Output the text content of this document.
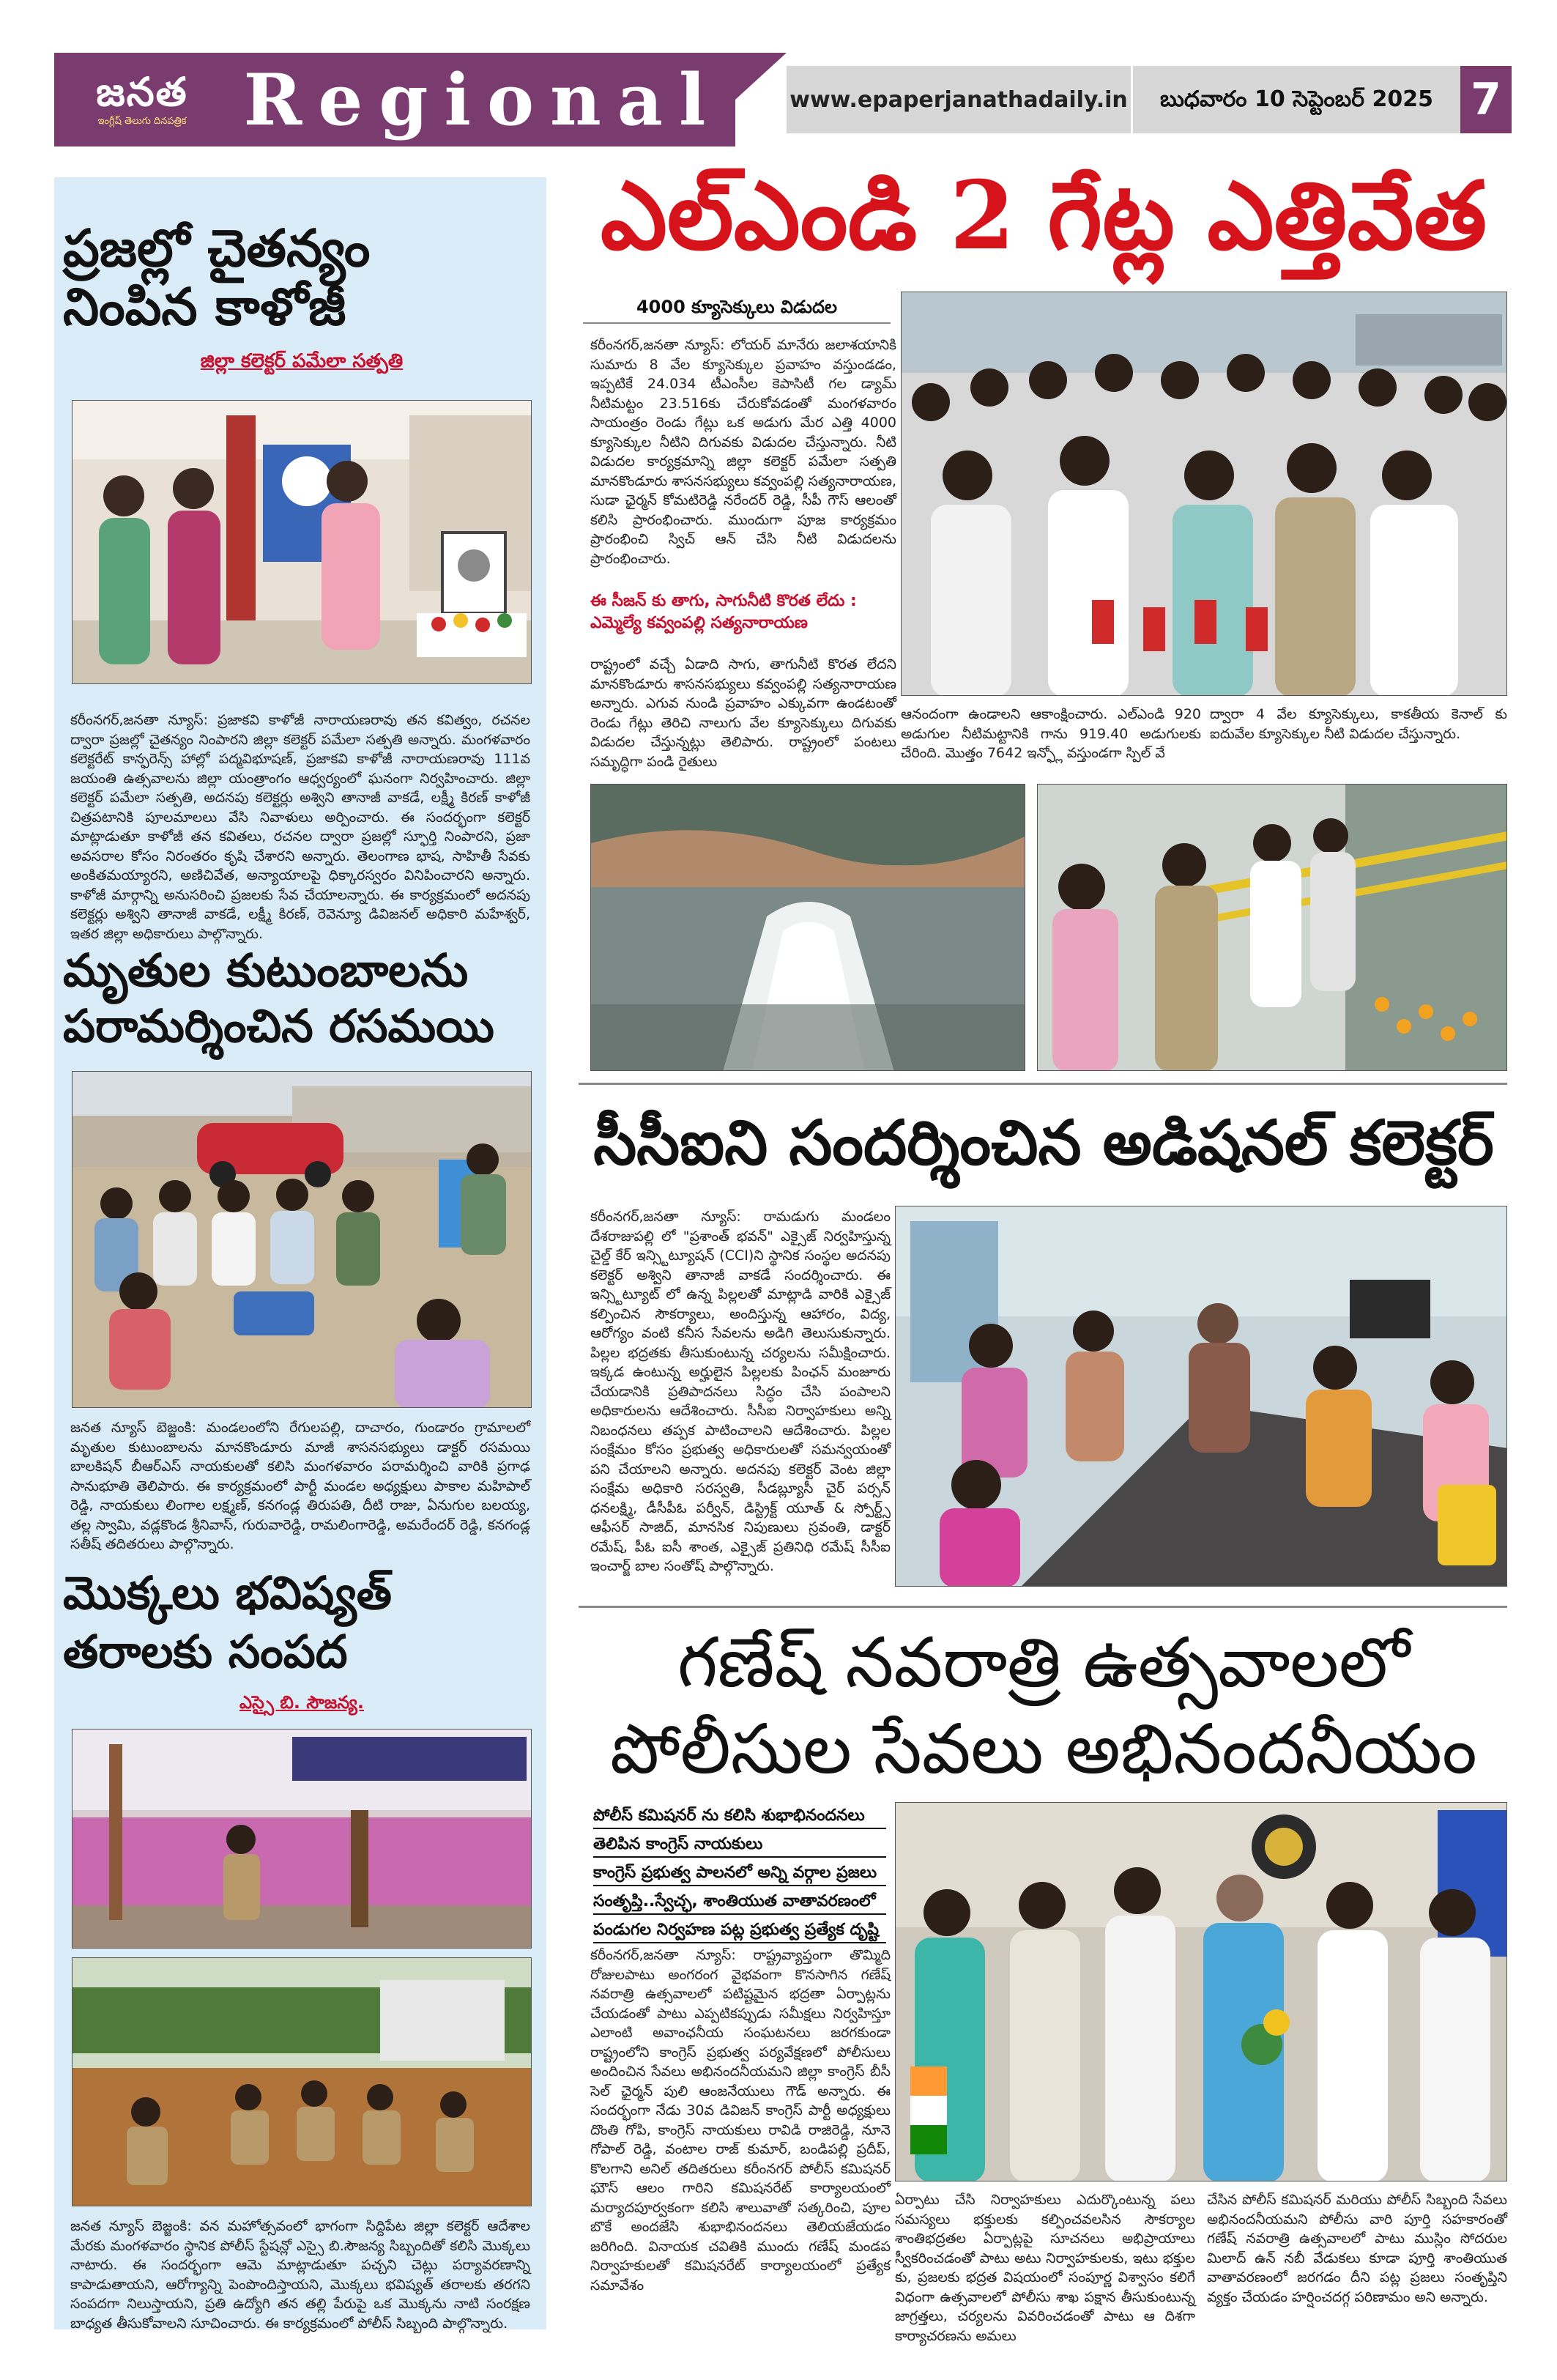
జనత
ఇంగ్లీష్ తెలుగు దినపత్రిక Regional	www.epaperjanathadaily.in	బుధవారం 10 సెప్టెంబర్ 2025 7
ప్రజల్లో చైతన్యం
నింపిన కాళోజీ
జిల్లా కలెక్టర్ పమేలా సత్పతి
కరీంనగర్,జనతా న్యూస్: ప్రజాకవి కాళోజీ నారాయణరావు తన కవిత్వం, రచనల ద్వారా ప్రజల్లో చైతన్యం నింపారని జిల్లా కలెక్టర్ పమేలా సత్పతి అన్నారు. మంగళవారం కలెక్టరేట్ కాన్ఫరెన్స్ హాల్లో పద్మవిభూషణ్, ప్రజాకవి కాళోజీ నారాయణరావు 111వ జయంతి ఉత్సవాలను జిల్లా యంత్రాంగం ఆధ్వర్యంలో ఘనంగా నిర్వహించారు. జిల్లా కలెక్టర్ పమేలా సత్పతి, అదనపు కలెక్టర్లు అశ్విని తానాజీ వాకడే, లక్ష్మీ కిరణ్ కాళోజీ చిత్రపటానికి పూలమాలలు వేసి నివాళులు అర్పించారు. ఈ సందర్భంగా కలెక్టర్ మాట్లాడుతూ కాళోజీ తన కవితలు, రచనల ద్వారా ప్రజల్లో స్ఫూర్తి నింపారని, ప్రజా అవసరాల కోసం నిరంతరం కృషి చేశారని అన్నారు. తెలంగాణ భాష, సాహితీ సేవకు అంకితమయ్యారని, అణిచివేత, అన్యాయాలపై ధిక్కారస్వరం వినిపించారని అన్నారు. కాళోజీ మార్గాన్ని అనుసరించి ప్రజలకు సేవ చేయాలన్నారు. ఈ కార్యక్రమంలో అదనపు కలెక్టర్లు అశ్విని తానాజీ వాకడే, లక్ష్మీ కిరణ్, రెవెన్యూ డివిజనల్ అధికారి మహేశ్వర్, ఇతర జిల్లా అధికారులు పాల్గొన్నారు.
మృతుల కుటుంబాలను
పరామర్శించిన రసమయి
జనత న్యూస్ బెజ్జంకి: మండలంలోని రేగులపల్లి, దాచారం, గుండారం గ్రామాలలో మృతుల కుటుంబాలను మానకొండూరు మాజీ శాసనసభ్యులు డాక్టర్ రసమయి బాలకిషన్ బీఆర్ఎస్ నాయకులతో కలిసి మంగళవారం పరామర్శించి వారికి ప్రగాఢ సానుభూతి తెలిపారు. ఈ కార్యక్రమంలో పార్టీ మండల అధ్యక్షులు పాకాల మహిపాల్ రెడ్డి, నాయకులు లింగాల లక్ష్మణ్, కనగండ్ల తిరుపతి, దీటి రాజు, ఏనుగుల బలయ్య, తల్ల స్వామి, వడ్లకొండ శ్రీనివాస్, గురువారెడ్డి, రామలింగారెడ్డి, అమరేందర్ రెడ్డి, కనగండ్ల సతీష్ తదితరులు పాల్గొన్నారు.
మొక్కలు భవిష్యత్
తరాలకు సంపద
ఎస్సై బి. సౌజన్య.
జనత న్యూస్ బెజ్జంకి: వన మహోత్సవంలో భాగంగా సిద్దిపేట జిల్లా కలెక్టర్ ఆదేశాల మేరకు మంగళవారం స్థానిక పోలీస్ స్టేషన్లో ఎస్సై బి.సౌజన్య సిబ్బందితో కలిసి మొక్కలు నాటారు. ఈ సందర్భంగా ఆమె మాట్లాడుతూ పచ్చని చెట్లు పర్యావరణాన్ని కాపాడుతాయని, ఆరోగ్యాన్ని పెంపొందిస్తాయని, మొక్కలు భవిష్యత్ తరాలకు తరగని సంపదగా నిలుస్తాయని, ప్రతి ఉద్యోగి తన తల్లి పేరుపై ఒక మొక్కను నాటి సంరక్షణ బాధ్యత తీసుకోవాలని సూచించారు. ఈ కార్యక్రమంలో పోలీస్ సిబ్బంది పాల్గొన్నారు.
ఎల్ఎండి 2 గేట్ల ఎత్తివేత
4000 క్యూసెక్కులు విడుదల
కరీంనగర్,జనతా న్యూస్: లోయర్ మానేరు జలాశయానికి సుమారు 8 వేల క్యూసెక్కుల ప్రవాహం వస్తుండడం, ఇప్పటికే 24.034 టీఎంసీల కెపాసిటీ గల డ్యామ్ నీటిమట్టం 23.516కు చేరుకోవడంతో మంగళవారం సాయంత్రం రెండు గేట్లు ఒక అడుగు మేర ఎత్తి 4000 క్యూసెక్కుల నీటిని దిగువకు విడుదల చేస్తున్నారు. నీటి విడుదల కార్యక్రమాన్ని జిల్లా కలెక్టర్ పమేలా సత్పతి మానకొండూరు శాసనసభ్యులు కవ్వంపల్లి సత్యనారాయణ, సుడా ఛైర్మన్ కోమటిరెడ్డి నరేందర్ రెడ్డి, సీపీ గౌస్ ఆలంతో కలిసి ప్రారంభించారు. ముందుగా పూజ కార్యక్రమం ప్రారంభించి స్విచ్ ఆన్ చేసి నీటి విడుదలను ప్రారంభించారు.
ఈ సీజన్ కు తాగు, సాగునీటి కొరత లేదు :
ఎమ్మెల్యే కవ్వంపల్లి సత్యనారాయణ
రాష్ట్రంలో వచ్చే ఏడాది సాగు, తాగునీటి కొరత లేదని మానకొండూరు శాసనసభ్యులు కవ్వంపల్లి సత్యనారాయణ అన్నారు. ఎగువ నుండి ప్రవాహం ఎక్కువగా ఉండటంతో రెండు గేట్లు తెరిచి నాలుగు వేల క్యూసెక్కులు దిగువకు విడుదల చేస్తున్నట్లు తెలిపారు. రాష్ట్రంలో పంటలు సమృద్ధిగా పండి రైతులు
ఆనందంగా ఉండాలని ఆకాంక్షించారు. ఎల్ఎండి 920 అడుగుల నీటిమట్టానికి గాను 919.40 అడుగులకు చేరింది. మొత్తం 7642 ఇన్ఫ్లో వస్తుండగా స్పిల్ వే
ద్వారా 4 వేల క్యూసెక్కులు, కాకతీయ కెనాల్ కు ఐదువేల క్యూసెక్కుల నీటి విడుదల చేస్తున్నారు.
సీసీఐని సందర్శించిన అడిషనల్ కలెక్టర్
కరీంనగర్,జనతా న్యూస్: రామడుగు మండలం దేశరాజుపల్లి లో "ప్రశాంత్ భవన్" ఎక్సైజ్ నిర్వహిస్తున్న చైల్డ్ కేర్ ఇన్స్టిట్యూషన్ (CCI)ని స్థానిక సంస్థల అదనపు కలెక్టర్ అశ్విని తానాజీ వాకడే సందర్శించారు. ఈ ఇన్స్టిట్యూట్ లో ఉన్న పిల్లలతో మాట్లాడి వారికి ఎక్సైజ్ కల్పించిన సౌకర్యాలు, అందిస్తున్న ఆహారం, విద్య, ఆరోగ్యం వంటి కనీస సేవలను అడిగి తెలుసుకున్నారు. పిల్లల భద్రతకు తీసుకుంటున్న చర్యలను సమీక్షించారు. ఇక్కడ ఉంటున్న అర్హులైన పిల్లలకు పింఛన్ మంజూరు చేయడానికి ప్రతిపాదనలు సిద్ధం చేసి పంపాలని అధికారులను ఆదేశించారు. సీసీఐ నిర్వాహకులు అన్ని నిబంధనలు తప్పక పాటించాలని ఆదేశించారు. పిల్లల సంక్షేమం కోసం ప్రభుత్వ అధికారులతో సమన్వయంతో పని చేయాలని అన్నారు. అదనపు కలెక్టర్ వెంట జిల్లా సంక్షేమ అధికారి సరస్వతి, సీడబ్ల్యూసీ చైర్ పర్సన్ ధనలక్ష్మి, డీసీపీఓ పర్వీన్, డిస్ట్రిక్ట్ యూత్ & స్పోర్ట్స్ ఆఫీసర్ సాజిద్, మానసిక నిపుణులు స్రవంతి, డాక్టర్ రమేష్, పీఓ ఐసీ శాంత, ఎక్సైజ్ ప్రతినిధి రమేష్ సీసీఐ ఇంచార్జ్ బాల సంతోష్ పాల్గొన్నారు.
గణేష్ నవరాత్రి ఉత్సవాలలో
పోలీసుల సేవలు అభినందనీయం

పోలీస్ కమిషనర్ ను కలిసి శుభాభినందనలు

తెలిపిన కాంగ్రెస్ నాయకులు

కాంగ్రెస్ ప్రభుత్వ పాలనలో అన్ని వర్గాల ప్రజలు

సంతృప్తి..స్వేచ్ఛ, శాంతియుత వాతావరణంలో

పండుగల నిర్వహణ పట్ల ప్రభుత్వ ప్రత్యేక దృష్టి

కరీంనగర్,జనతా న్యూస్: రాష్ట్రవ్యాప్తంగా తొమ్మిది రోజులపాటు అంగరంగ వైభవంగా కొనసాగిన గణేష్ నవరాత్రి ఉత్సవాలలో పటిష్టమైన భద్రతా ఏర్పాట్లను చేయడంతో పాటు ఎప్పటికప్పుడు సమీక్షలు నిర్వహిస్తూ ఎలాంటి అవాంఛనీయ సంఘటనలు జరగకుండా రాష్ట్రంలోని కాంగ్రెస్ ప్రభుత్వ పర్యవేక్షణలో పోలీసులు అందించిన సేవలు అభినందనీయమని జిల్లా కాంగ్రెస్ బీసీ సెల్ ఛైర్మన్ పులి ఆంజనేయులు గౌడ్ అన్నారు. ఈ సందర్భంగా నేడు 30వ డివిజన్ కాంగ్రెస్ పార్టీ అధ్యక్షులు దొంతి గోపి, కాంగ్రెస్ నాయకులు రావిడి రాజిరెడ్డి, నూనె గోపాల్ రెడ్డి, వంటాల రాజ్ కుమార్, బండిపల్లి ప్రదీప్, కొలగాని అనిల్ తదితరులు కరీంనగర్ పోలీస్ కమిషనర్ ఘౌస్ ఆలం గారిని కమిషనరేట్ కార్యాలయంలో మర్యాదపూర్వకంగా కలిసి శాలువాతో సత్కరించి, పూల బొకే అందజేసి శుభాభినందనలు తెలియజేయడం జరిగింది. వినాయక చవితికి ముందు గణేష్ మండప నిర్వాహకులతో కమిషనరేట్ కార్యాలయంలో ప్రత్యేక సమావేశం
ఏర్పాటు చేసి నిర్వాహకులు ఎదుర్కొంటున్న పలు సమస్యలు భక్తులకు కల్పించవలసిన సౌకర్యాల శాంతిభద్రతల ఏర్పాట్లపై సూచనలు అభిప్రాయాలు స్వీకరించడంతో పాటు అటు నిర్వాహకులకు, ఇటు భక్తుల కు, ప్రజలకు భద్రత విషయంలో సంపూర్ణ విశ్వాసం కలిగే విధంగా ఉత్సవాలలో పోలీసు శాఖ పక్షాన తీసుకుంటున్న జాగ్రత్తలు, చర్యలను వివరించడంతో పాటు ఆ దిశగా కార్యాచరణను అమలు
చేసిన పోలీస్ కమిషనర్ మరియు పోలీస్ సిబ్బంది సేవలు అభినందనీయమని పోలీసు వారి పూర్తి సహకారంతో గణేష్ నవరాత్రి ఉత్సవాలలో పాటు ముస్లిం సోదరుల మిలాద్ ఉన్ నబీ వేడుకలు కూడా పూర్తి శాంతియుత వాతావరణంలో జరగడం దీని పట్ల ప్రజలు సంతృప్తిని వ్యక్తం చేయడం హర్షించదగ్గ పరిణామం అని అన్నారు.
